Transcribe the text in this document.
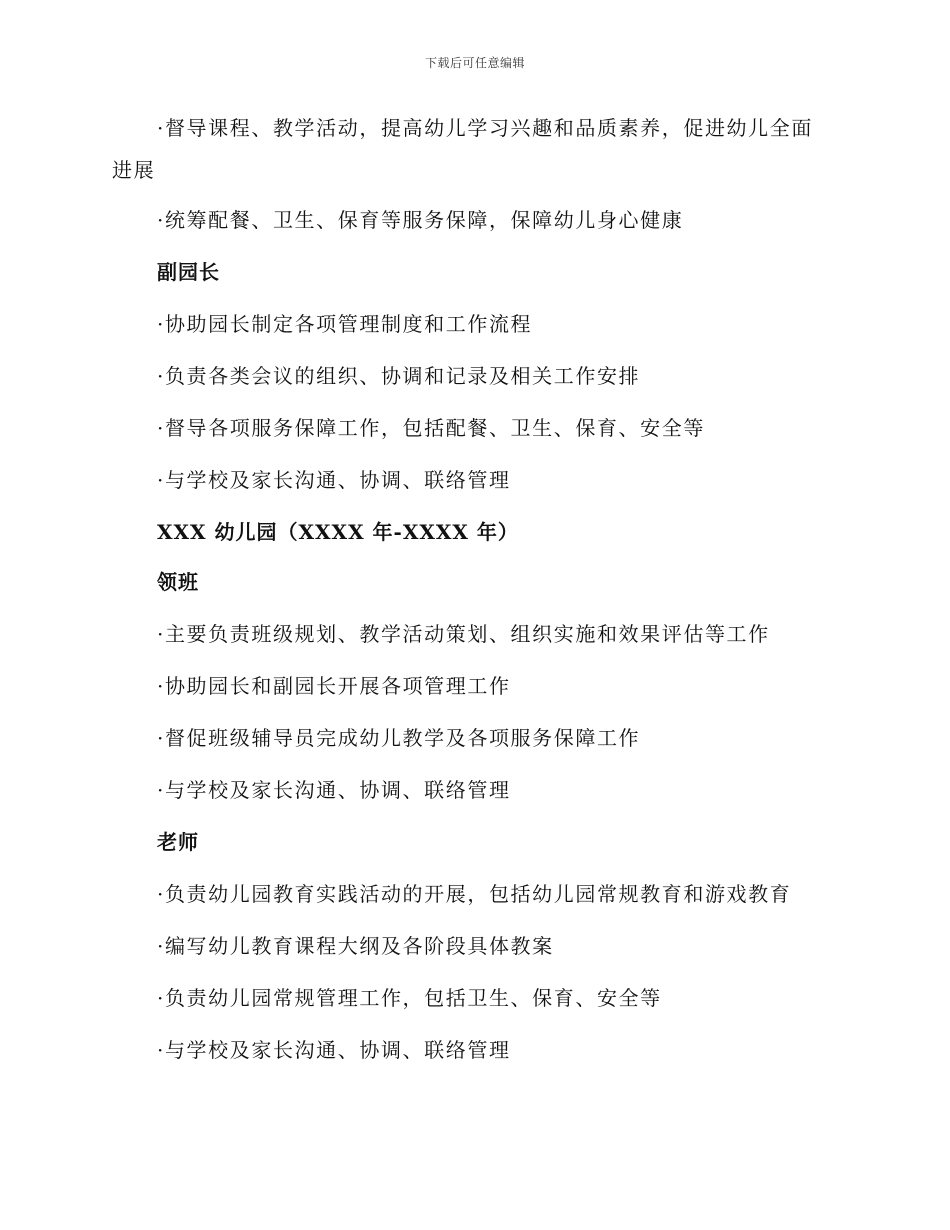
下载后可任意编辑
·督导课程、教学活动，提高幼儿学习兴趣和品质素养，促进幼儿全面
进展
·统筹配餐、卫生、保育等服务保障，保障幼儿身心健康
副园长
·协助园长制定各项管理制度和工作流程
·负责各类会议的组织、协调和记录及相关工作安排
·督导各项服务保障工作，包括配餐、卫生、保育、安全等
·与学校及家长沟通、协调、联络管理
XXX 幼儿园（XXXX 年-XXXX 年）
领班
·主要负责班级规划、教学活动策划、组织实施和效果评估等工作
·协助园长和副园长开展各项管理工作
·督促班级辅导员完成幼儿教学及各项服务保障工作
·与学校及家长沟通、协调、联络管理
老师
·负责幼儿园教育实践活动的开展，包括幼儿园常规教育和游戏教育
·编写幼儿教育课程大纲及各阶段具体教案
·负责幼儿园常规管理工作，包括卫生、保育、安全等
·与学校及家长沟通、协调、联络管理
